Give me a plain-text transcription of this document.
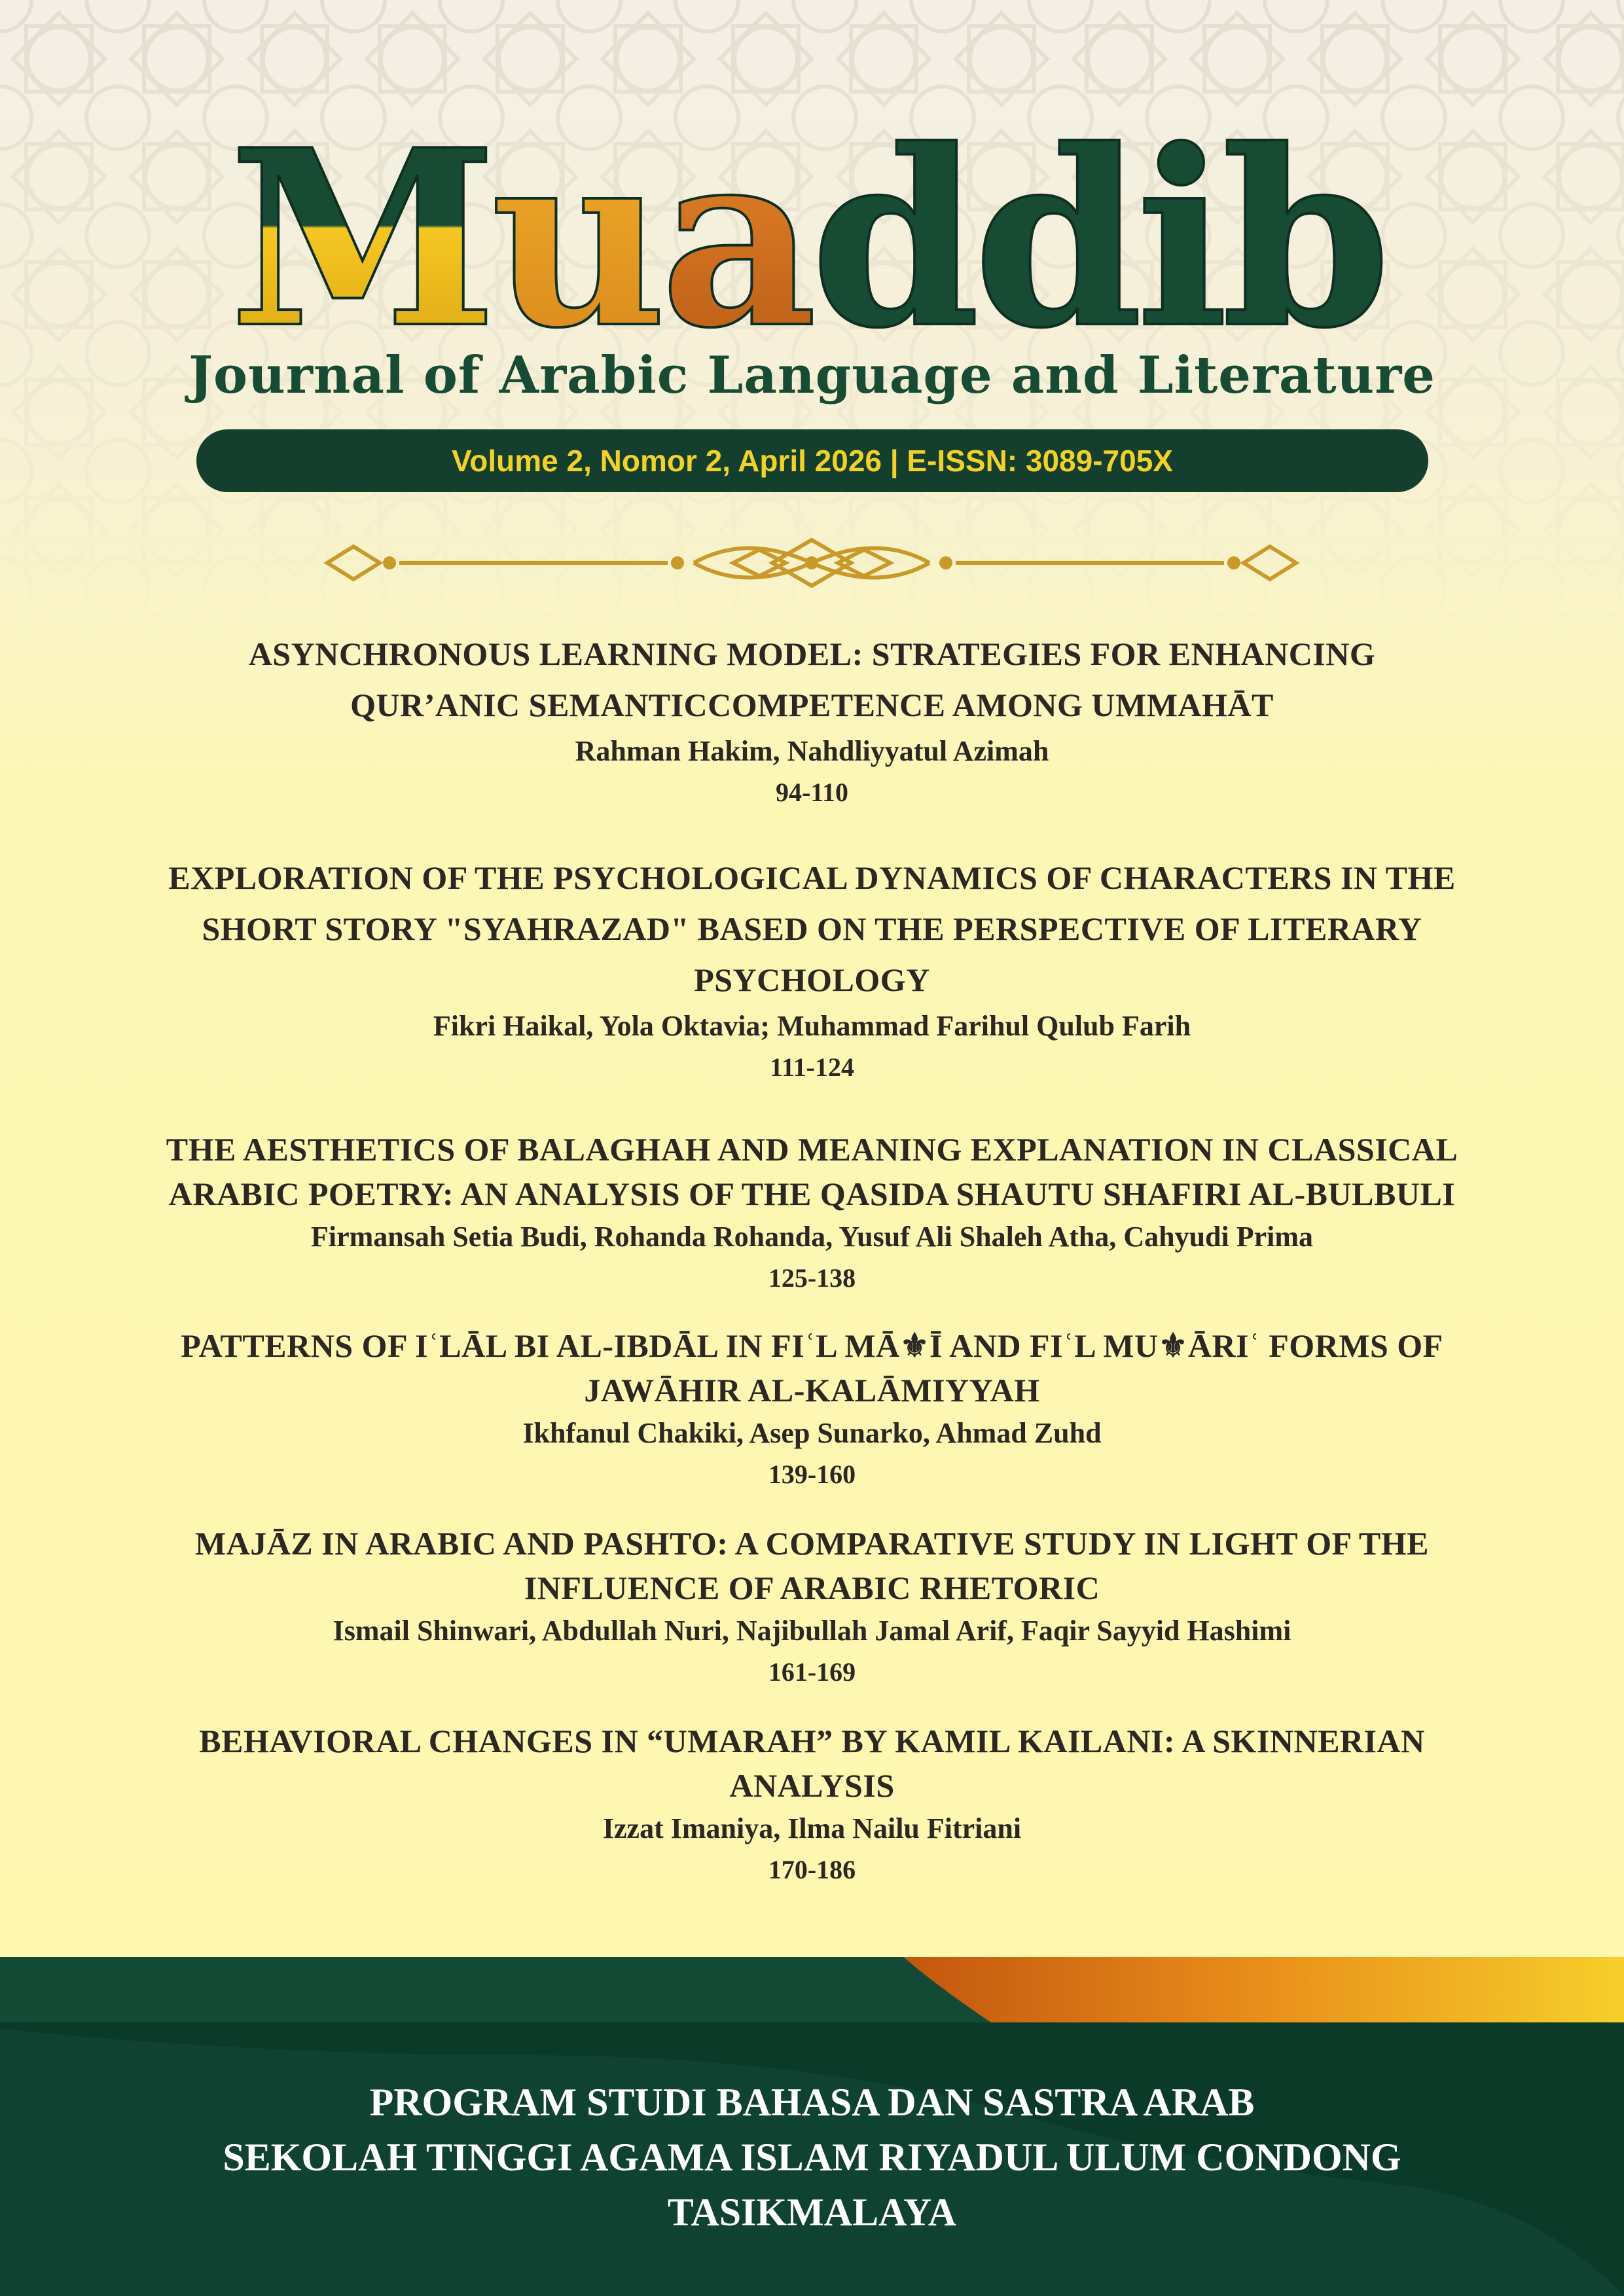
Muaddib
Journal of Arabic Language and Literature
Volume 2, Nomor 2, April 2026 | E-ISSN: 3089-705X
ASYNCHRONOUS LEARNING MODEL: STRATEGIES FOR ENHANCING
QUR’ANIC SEMANTICCOMPETENCE AMONG UMMAHĀT
Rahman Hakim, Nahdliyyatul Azimah
94-110
EXPLORATION OF THE PSYCHOLOGICAL DYNAMICS OF CHARACTERS IN THE
SHORT STORY "SYAHRAZAD" BASED ON THE PERSPECTIVE OF LITERARY
PSYCHOLOGY
Fikri Haikal, Yola Oktavia; Muhammad Farihul Qulub Farih
111-124
THE AESTHETICS OF BALAGHAH AND MEANING EXPLANATION IN CLASSICAL
ARABIC POETRY: AN ANALYSIS OF THE QASIDA SHAUTU SHAFIRI AL-BULBULI
Firmansah Setia Budi, Rohanda Rohanda, Yusuf Ali Shaleh Atha, Cahyudi Prima
125-138
PATTERNS OF IʿLĀL BI AL-IBDĀL IN FIʿL MĀ⚜Ī AND FIʿL MU⚜ĀRIʿ FORMS OF
JAWĀHIR AL-KALĀMIYYAH
Ikhfanul Chakiki, Asep Sunarko, Ahmad Zuhd
139-160
MAJĀZ IN ARABIC AND PASHTO: A COMPARATIVE STUDY IN LIGHT OF THE
INFLUENCE OF ARABIC RHETORIC
Ismail Shinwari, Abdullah Nuri, Najibullah Jamal Arif, Faqir Sayyid Hashimi
161-169
BEHAVIORAL CHANGES IN “UMARAH” BY KAMIL KAILANI: A SKINNERIAN
ANALYSIS
Izzat Imaniya, Ilma Nailu Fitriani
170-186
PROGRAM STUDI BAHASA DAN SASTRA ARAB
SEKOLAH TINGGI AGAMA ISLAM RIYADUL ULUM CONDONG
TASIKMALAYA
